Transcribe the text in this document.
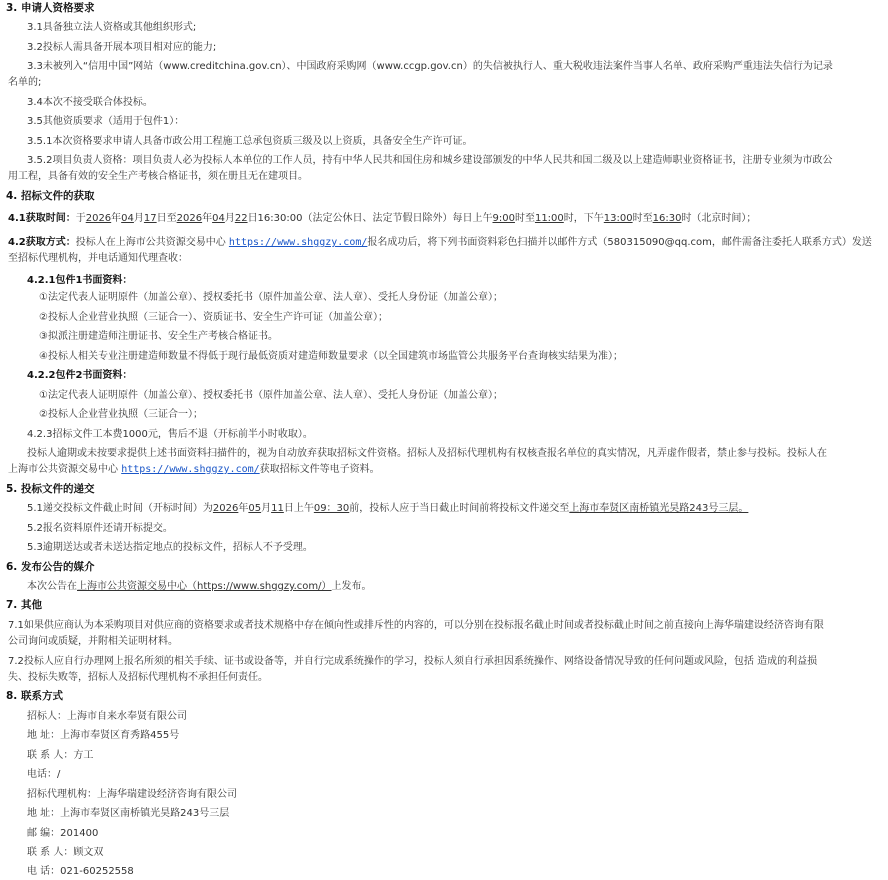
3. 申请人资格要求
3.1具备独立法人资格或其他组织形式;
3.2投标人需具备开展本项目相对应的能力;
3.3未被列入“信用中国”网站（www.creditchina.gov.cn）、中国政府采购网（www.ccgp.gov.cn）的失信被执行人、重大税收违法案件当事人名单、政府采购严重违法失信行为记录
名单的;
3.4本次不接受联合体投标。
3.5其他资质要求（适用于包件1）：
3.5.1本次资格要求申请人具备市政公用工程施工总承包资质三级及以上资质，具备安全生产许可证。
3.5.2项目负责人资格：项目负责人必为投标人本单位的工作人员，持有中华人民共和国住房和城乡建设部颁发的中华人民共和国二级及以上建造师职业资格证书，注册专业须为市政公
用工程，具备有效的安全生产考核合格证书，须在册且无在建项目。
4. 招标文件的获取
4.1获取时间：于2026年04月17日至2026年04月22日16:30:00（法定公休日、法定节假日除外）每日上午9:00时至11:00时，下午13:00时至16:30时（北京时间）；
4.2获取方式：投标人在上海市公共资源交易中心 https://www.shggzy.com/报名成功后，将下列书面资料彩色扫描并以邮件方式（580315090@qq.com，邮件需备注委托人联系方式）发送
至招标代理机构，并电话通知代理查收：
4.2.1包件1书面资料：
①法定代表人证明原件（加盖公章）、授权委托书（原件加盖公章、法人章）、受托人身份证（加盖公章）；
②投标人企业营业执照（三证合一）、资质证书、安全生产许可证（加盖公章）；
③拟派注册建造师注册证书、安全生产考核合格证书。
④投标人相关专业注册建造师数量不得低于现行最低资质对建造师数量要求（以全国建筑市场监管公共服务平台查询核实结果为准）；
4.2.2包件2书面资料：
①法定代表人证明原件（加盖公章）、授权委托书（原件加盖公章、法人章）、受托人身份证（加盖公章）；
②投标人企业营业执照（三证合一）；
4.2.3招标文件工本费1000元，售后不退（开标前半小时收取）。
投标人逾期或未按要求提供上述书面资料扫描件的，视为自动放弃获取招标文件资格。招标人及招标代理机构有权核查报名单位的真实情况，凡弄虚作假者，禁止参与投标。投标人在
上海市公共资源交易中心 https://www.shggzy.com/获取招标文件等电子资料。
5. 投标文件的递交
5.1递交投标文件截止时间（开标时间）为2026年05月11日上午09：30前，投标人应于当日截止时间前将投标文件递交至上海市奉贤区南桥镇光昊路243号三层。
5.2报名资料原件还请开标提交。
5.3逾期送达或者未送达指定地点的投标文件，招标人不予受理。
6. 发布公告的媒介
本次公告在上海市公共资源交易中心（https://www.shggzy.com/）上发布。
7. 其他
7.1如果供应商认为本采购项目对供应商的资格要求或者技术规格中存在倾向性或排斥性的内容的，可以分别在投标报名截止时间或者投标截止时间之前直接向上海华瑞建设经济咨询有限
公司询问或质疑，并附相关证明材料。
7.2投标人应自行办理网上报名所须的相关手续、证书或设备等，并自行完成系统操作的学习，投标人须自行承担因系统操作、网络设备情况导致的任何问题或风险，包括 造成的利益损
失、投标失败等，招标人及招标代理机构不承担任何责任。
8. 联系方式
招标人：上海市自来水奉贤有限公司
地 址：上海市奉贤区育秀路455号
联 系 人：方工
电话：/
招标代理机构：上海华瑞建设经济咨询有限公司
地 址：上海市奉贤区南桥镇光昊路243号三层
邮 编：201400
联 系 人：顾文双
电 话：021-60252558
